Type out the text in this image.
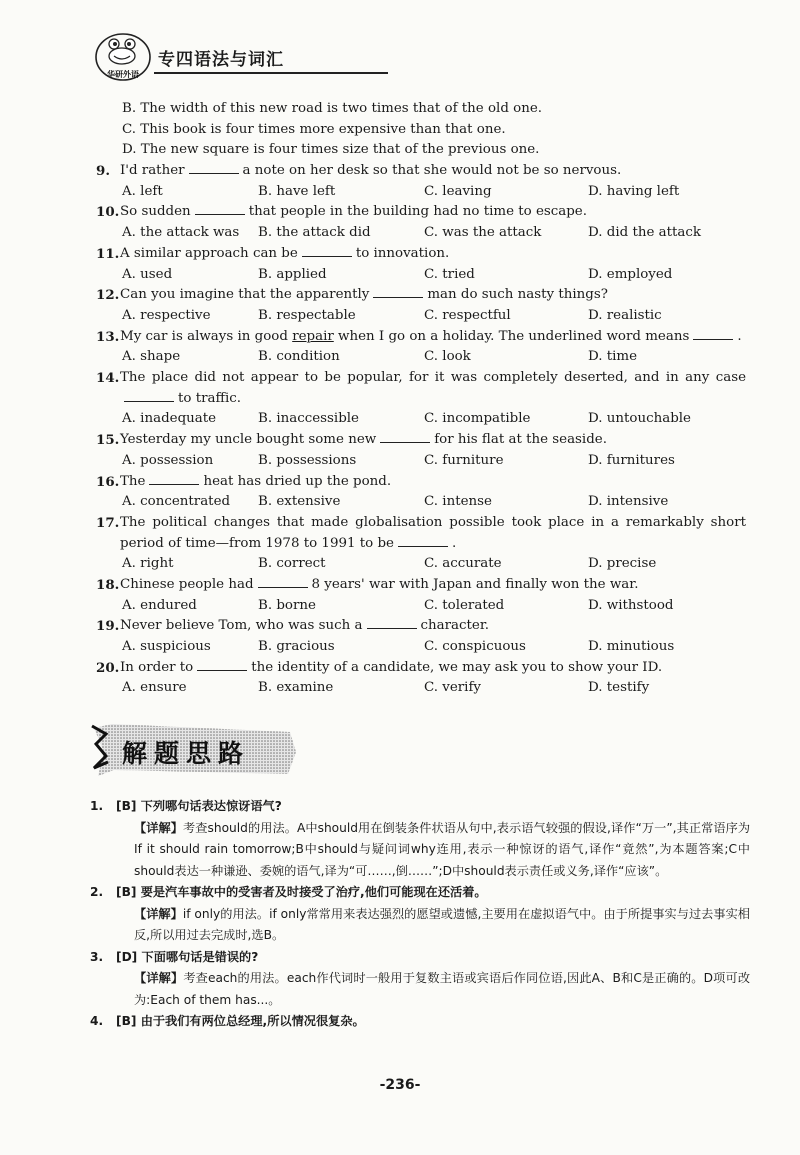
华研外语
专四语法与词汇
B. The width of this new road is two times that of the old one.
C. This book is four times more expensive than that one.
D. The new square is four times size that of the previous one.
9. I'd rather	a note on her desk so that she would not be so nervous.
A. left	B. have left	C. leaving	D. having left
10. So sudden	that people in the building had no time to escape.
A. the attack was B. the attack did	C. was the attack	D. did the attack
11. A similar approach can be	to innovation.
A. used	B. applied	C. tried	D. employed
12. Can you imagine that the apparently	man do such nasty things?
A. respective	B. respectable	C. respectful	D. realistic
13. My car is always in good repair when I go on a holiday. The underlined word means	.
A. shape	B. condition	C. look	D. time
14. The place did not appear to be popular, for it was completely deserted, and in any caseto traffic.
A. inadequate	B. inaccessible	C. incompatible	D. untouchable
15. Yesterday my uncle bought some new	for his flat at the seaside.
A. possession	B. possessions	C. furniture	D. furnitures
16. The	heat has dried up the pond.
A. concentrated B. extensive	C. intense	D. intensive
17. The political changes that made globalisation possible took place in a remarkably short period of time—from 1978 to 1991 to be	.
A. right	B. correct	C. accurate	D. precise
18. Chinese people had	8 years' war with Japan and finally won the war.
A. endured	B. borne	C. tolerated	D. withstood
19. Never believe Tom, who was such a	character.
A. suspicious	B. gracious	C. conspicuous	D. minutious
20. In order to	the identity of a candidate, we may ask you to show your ID.
A. ensure	B. examine	C. verify	D. testify
解题思路
1. [B] 下列哪句话表达惊讶语气?
【详解】考查should的用法。A中should用在倒装条件状语从句中,表示语气较强的假设,译作“万一”,其正常语序为If it should rain tomorrow;B中should与疑问词why连用,表示一种惊讶的语气,译作“竟然”,为本题答案;C中should表达一种谦逊、委婉的语气,译为“可……,倒……”;D中should表示责任或义务,译作“应该”。
2. [B] 要是汽车事故中的受害者及时接受了治疗,他们可能现在还活着。
【详解】if only的用法。if only常常用来表达强烈的愿望或遗憾,主要用在虚拟语气中。由于所提事实与过去事实相反,所以用过去完成时,选B。
3. [D] 下面哪句话是错误的?
【详解】考查each的用法。each作代词时一般用于复数主语或宾语后作同位语,因此A、B和C是正确的。D项可改为:Each of them has...。
4. [B] 由于我们有两位总经理,所以情况很复杂。
-236-
